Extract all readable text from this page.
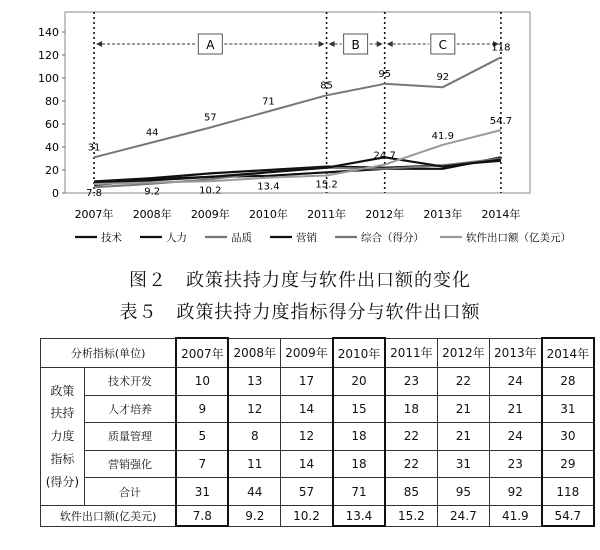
0
20
40
60
80
100
120
140
2007年 2008年 2009年 2010年 2011年 2012年 2013年 2014年
A	B	C
31
44
57
71
85
95	92
118
7.8	9.2	10.2	13.4	15.2
24.7
41.9
54.7
技术	人力	品质	营销	综合（得分）	软件出口额（亿美元）
图２　政策扶持力度与软件出口额的变化
表５　政策扶持力度指标得分与软件出口额
分析指标(单位)		2007年	2008年	2009年	2010年	2011年	2012年	2013年	2014年

政策
扶持
力度
指标
(得分)	技术开发	10	13	17	20	23	22	24	28
	人才培养	9	12	14	15	18	21	21	31
	质量管理	5	8	12	18	22	21	24	30
	营销强化	7	11	14	18	22	31	23	29
	合计	31	44	57	71	85	95	92	118
软件出口额(亿美元)		7.8	9.2	10.2	13.4	15.2	24.7	41.9	54.7
